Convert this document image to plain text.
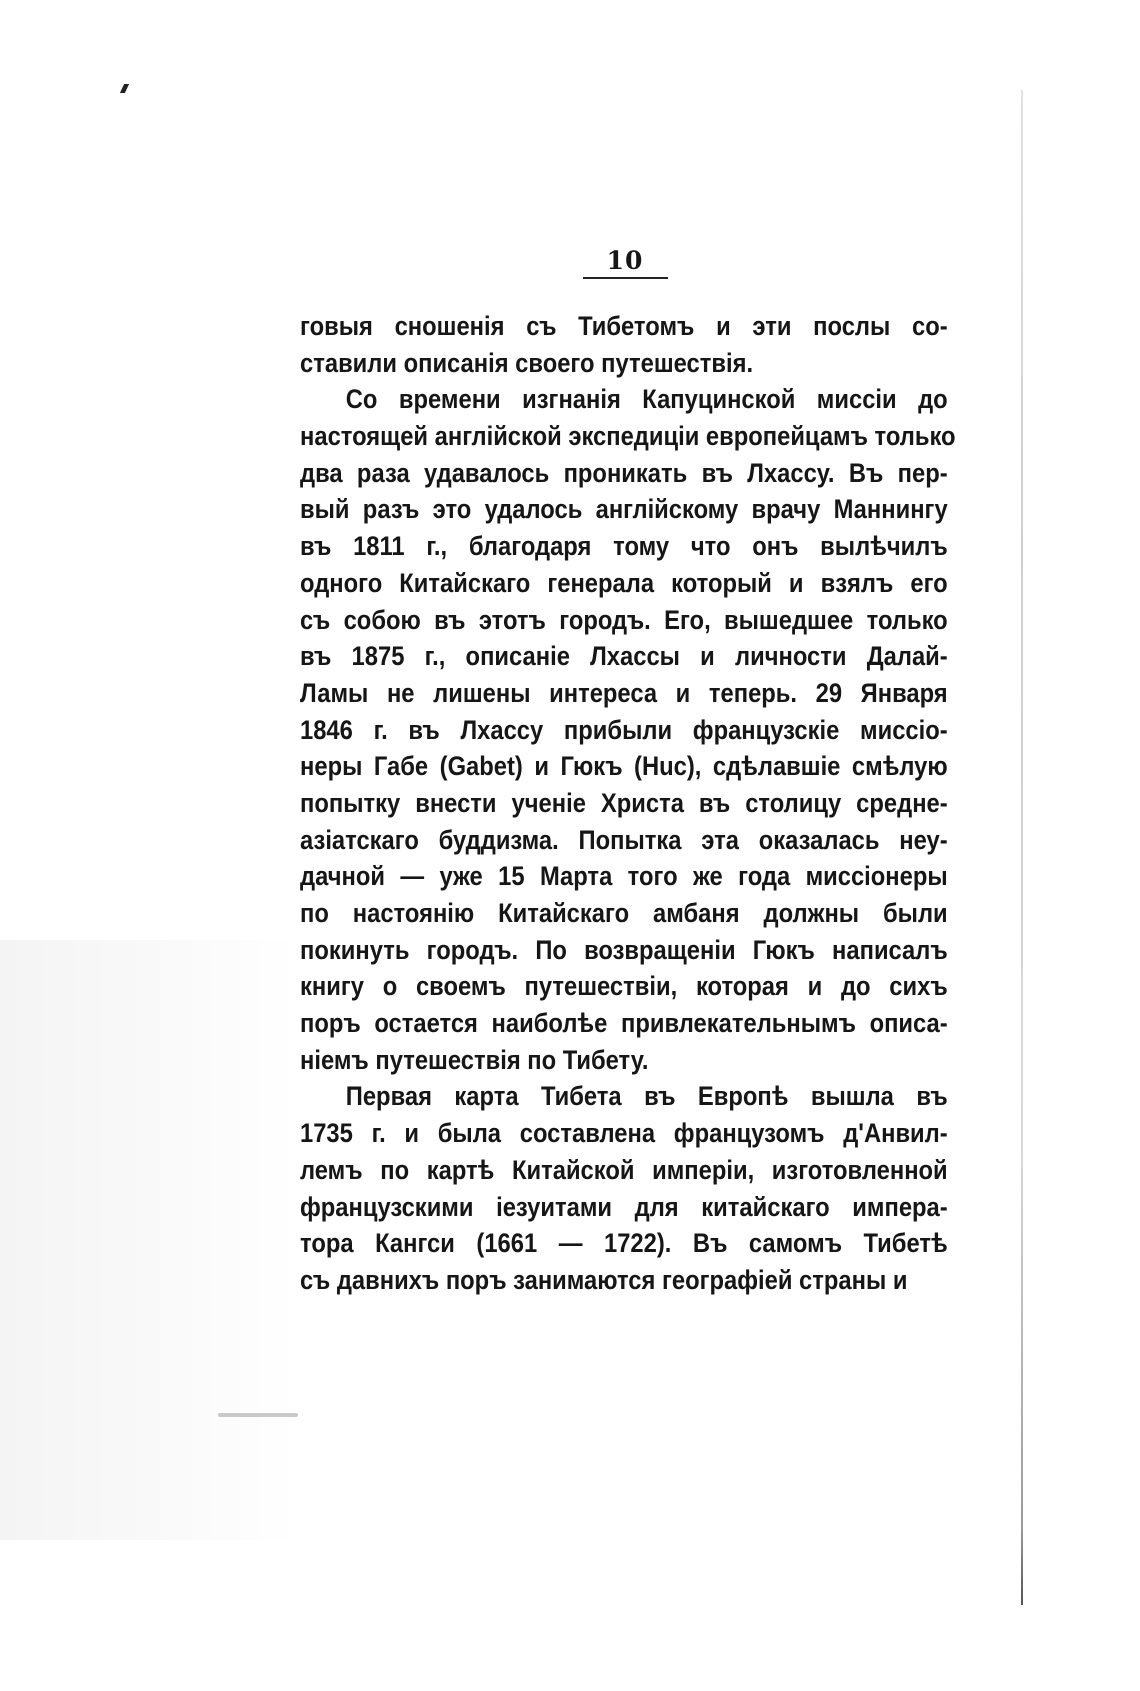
10
говыя сношенія съ Тибетомъ и эти послы со-
ставили описанія своего путешествія.
Со времени изгнанія Капуцинской миссіи до
настоящей англійской экспедиціи европейцамъ только
два раза удавалось проникать въ Лхассу. Въ пер-
вый разъ это удалось англійскому врачу Маннингу
въ 1811 г., благодаря тому что онъ вылѣчилъ
одного Китайскаго генерала который и взялъ его
съ собою въ этотъ городъ. Его, вышедшее только
въ 1875 г., описаніе Лхассы и личности Далай-
Ламы не лишены интереса и теперь. 29 Января
1846 г. въ Лхассу прибыли французскіе миссіо-
неры Габе (Gabet) и Гюкъ (Huc), сдѣлавшіе смѣлую
попытку внести ученіе Христа въ столицу средне-
азіатскаго буддизма. Попытка эта оказалась неу-
дачной — уже 15 Марта того же года миссіонеры
по настоянію Китайскаго амбаня должны были
покинуть городъ. По возвращеніи Гюкъ написалъ
книгу о своемъ путешествіи, которая и до сихъ
поръ остается наиболѣе привлекательнымъ описа-
ніемъ путешествія по Тибету.
Первая карта Тибета въ Европѣ вышла въ
1735 г. и была составлена французомъ д'Анвил-
лемъ по картѣ Китайской имперіи, изготовленной
французскими іезуитами для китайскаго импера-
тора Кангси (1661 — 1722). Въ самомъ Тибетѣ
съ давнихъ поръ занимаются географіей страны и
